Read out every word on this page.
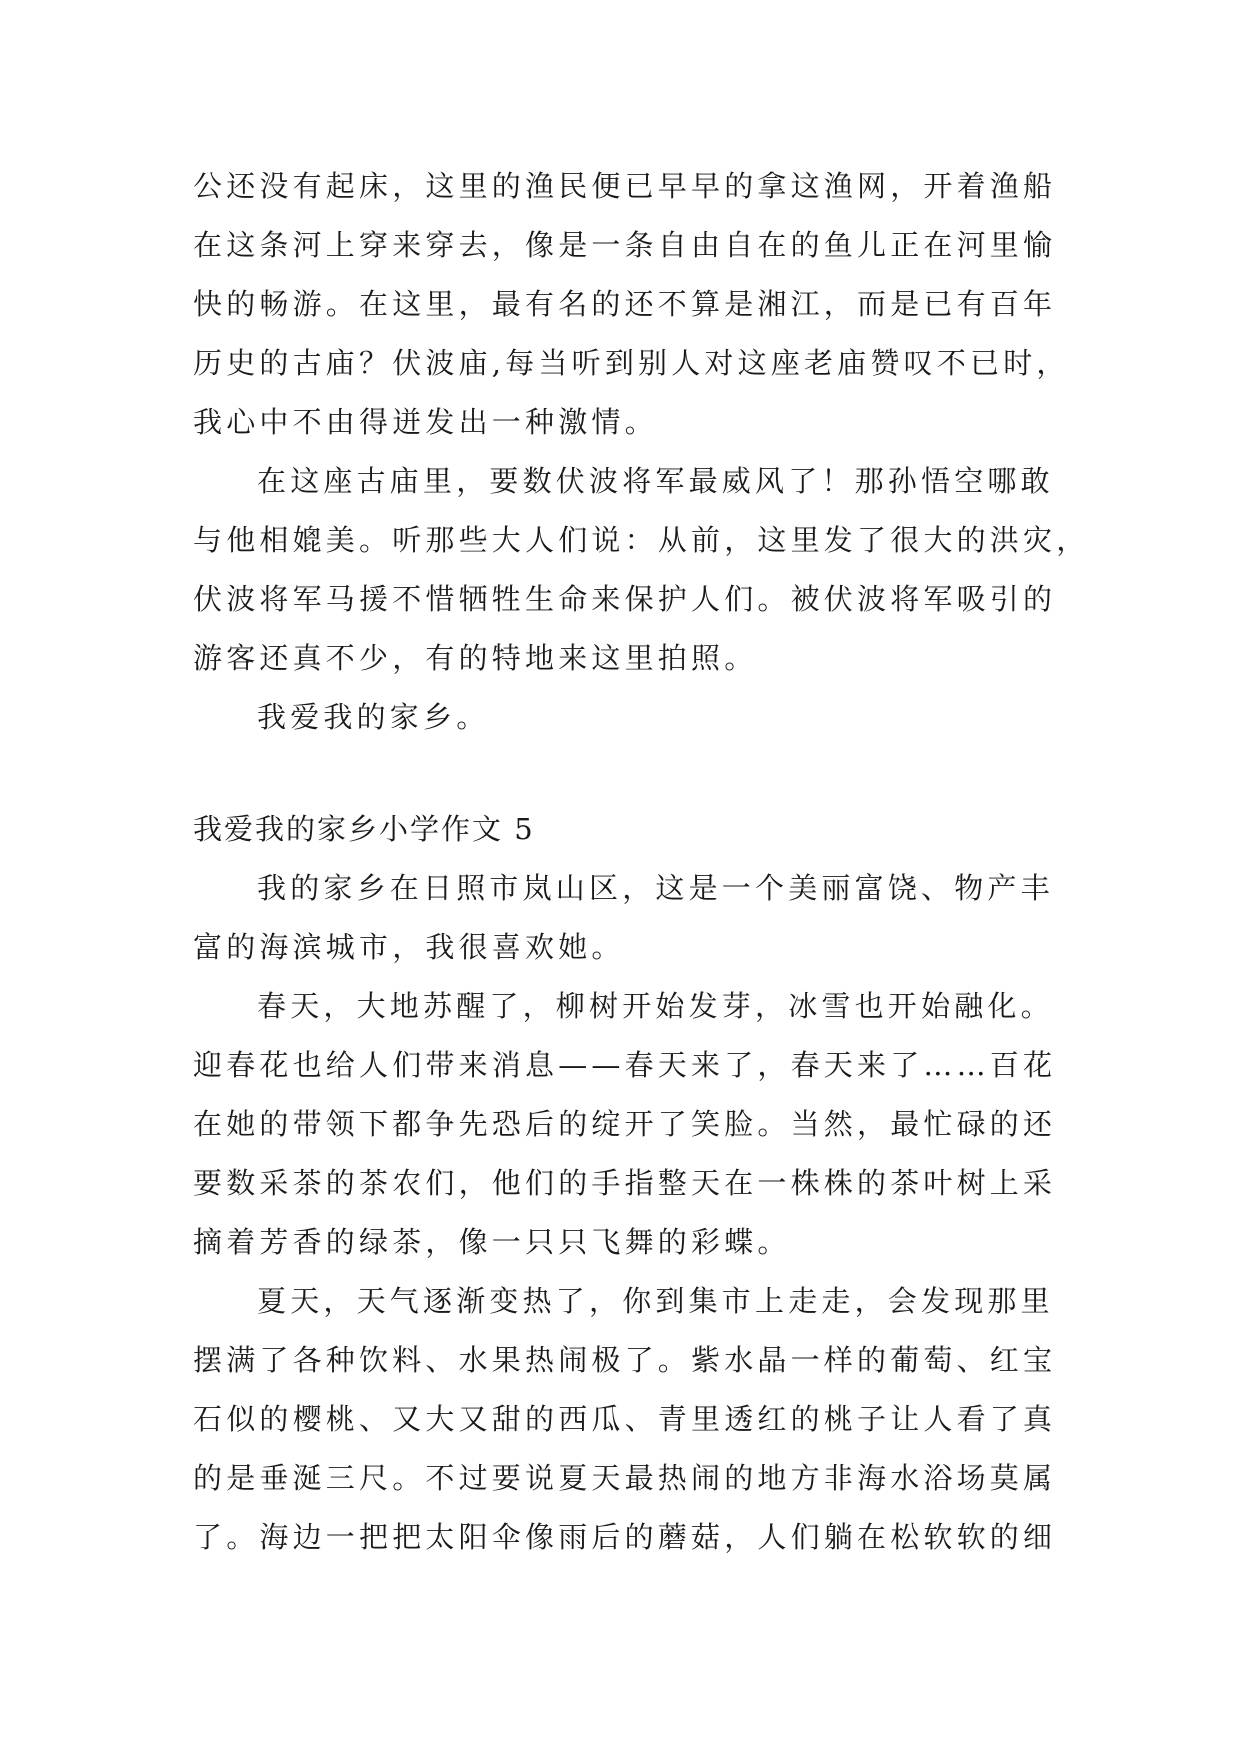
公还没有起床，这里的渔民便已早早的拿这渔网，开着渔船
在这条河上穿来穿去，像是一条自由自在的鱼儿正在河里愉
快的畅游。在这里，最有名的还不算是湘江，而是已有百年
历史的古庙？伏波庙,每当听到别人对这座老庙赞叹不已时，
我心中不由得迸发出一种激情。
在这座古庙里，要数伏波将军最威风了！那孙悟空哪敢
与他相媲美。听那些大人们说：从前，这里发了很大的洪灾，
伏波将军马援不惜牺牲生命来保护人们。被伏波将军吸引的
游客还真不少，有的特地来这里拍照。
我爱我的家乡。
我爱我的家乡小学作文 5
我的家乡在日照市岚山区，这是一个美丽富饶、物产丰
富的海滨城市，我很喜欢她。
春天，大地苏醒了，柳树开始发芽，冰雪也开始融化。
迎春花也给人们带来消息——春天来了，春天来了……百花
在她的带领下都争先恐后的绽开了笑脸。当然，最忙碌的还
要数采茶的茶农们，他们的手指整天在一株株的茶叶树上采
摘着芳香的绿茶，像一只只飞舞的彩蝶。
夏天，天气逐渐变热了，你到集市上走走，会发现那里
摆满了各种饮料、水果热闹极了。紫水晶一样的葡萄、红宝
石似的樱桃、又大又甜的西瓜、青里透红的桃子让人看了真
的是垂涎三尺。不过要说夏天最热闹的地方非海水浴场莫属
了。海边一把把太阳伞像雨后的蘑菇，人们躺在松软软的细
